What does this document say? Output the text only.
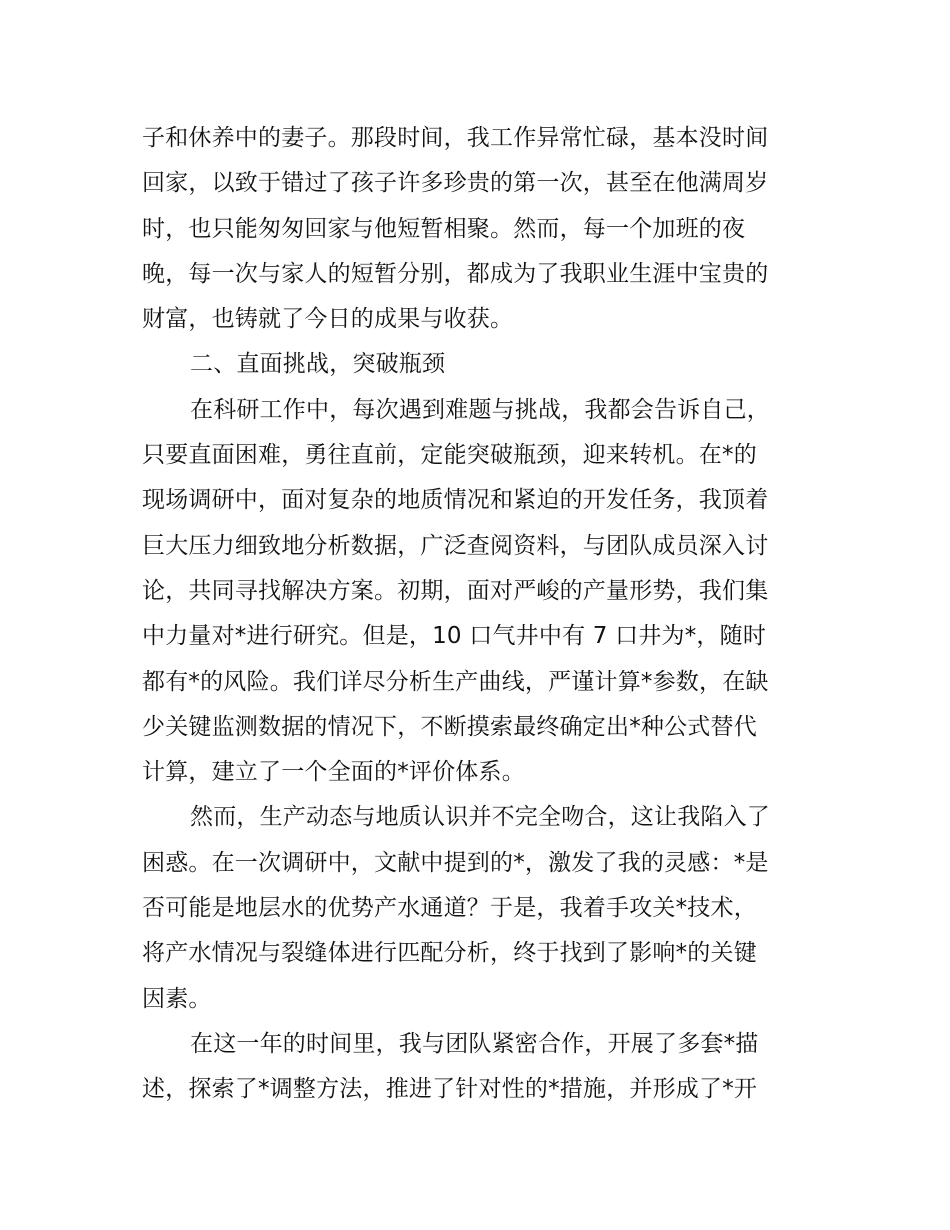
子和休养中的妻子。那段时间，我工作异常忙碌，基本没时间
回家，以致于错过了孩子许多珍贵的第一次，甚至在他满周岁
时，也只能匆匆回家与他短暂相聚。然而，每一个加班的夜
晚，每一次与家人的短暂分别，都成为了我职业生涯中宝贵的
财富，也铸就了今日的成果与收获。
二、直面挑战，突破瓶颈
在科研工作中，每次遇到难题与挑战，我都会告诉自己，
只要直面困难，勇往直前，定能突破瓶颈，迎来转机。在*的
现场调研中，面对复杂的地质情况和紧迫的开发任务，我顶着
巨大压力细致地分析数据，广泛查阅资料，与团队成员深入讨
论，共同寻找解决方案。初期，面对严峻的产量形势，我们集
中力量对*进行研究。但是，10 口气井中有 7 口井为*，随时
都有*的风险。我们详尽分析生产曲线，严谨计算*参数，在缺
少关键监测数据的情况下，不断摸索最终确定出*种公式替代
计算，建立了一个全面的*评价体系。
然而，生产动态与地质认识并不完全吻合，这让我陷入了
困惑。在一次调研中，文献中提到的*，激发了我的灵感：*是
否可能是地层水的优势产水通道？于是，我着手攻关*技术，
将产水情况与裂缝体进行匹配分析，终于找到了影响*的关键
因素。
在这一年的时间里，我与团队紧密合作，开展了多套*描
述，探索了*调整方法，推进了针对性的*措施，并形成了*开
